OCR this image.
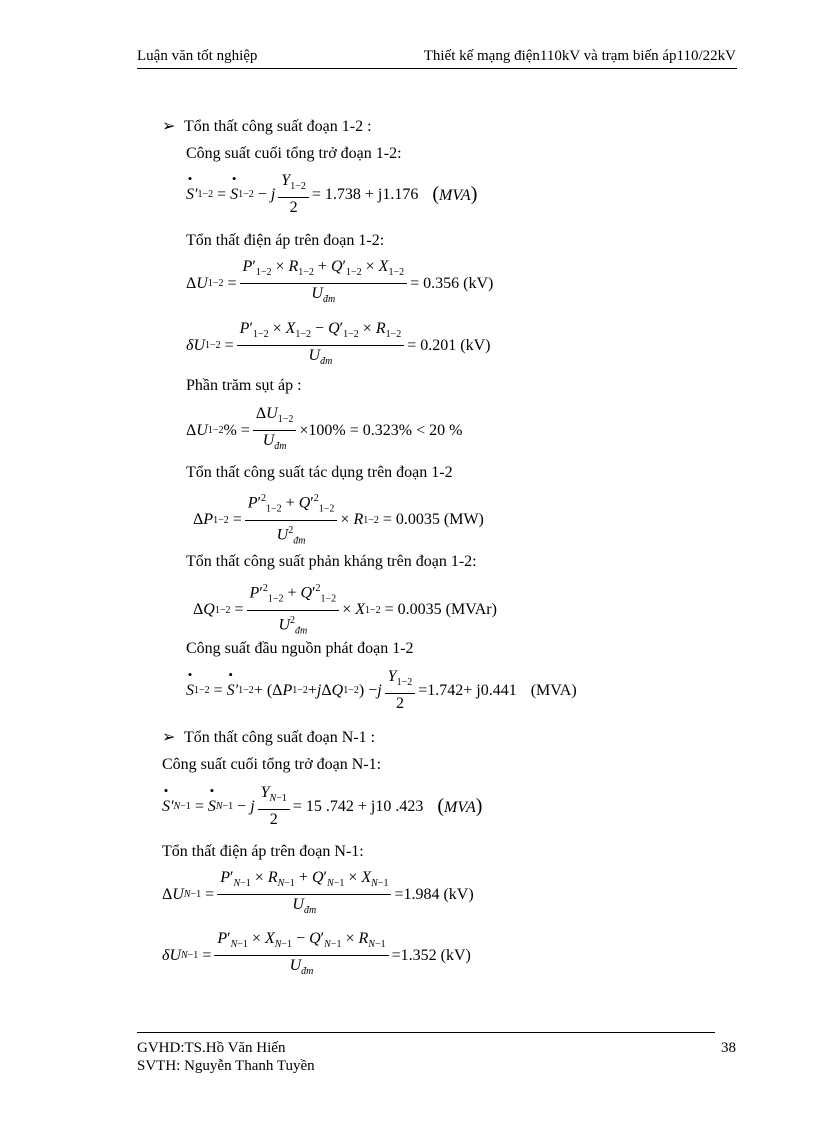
Luận văn tốt nghiệp	Thiết kế mạng điện110kV và trạm biến áp110/22kV
➢ Tổn thất công suất đoạn 1-2 :
Công suất cuối tổng trở đoạn 1-2:
• S ′ 1−2 = • S 1−2 − j $\frac{Y_{1-2}}{2} = 1.738 + j1.176$ (MVA)
Tổn thất điện áp trên đoạn 1-2:
Δ U $1-2 = \frac{P'_{1-2} \times R_{1-2} + Q'_{1-2} \times X_{1-2}}{U_{đm}} = 0.356$ (kV)
δU $1-2 = \frac{P'_{1-2} \times X_{1-2} - Q'_{1-2} \times R_{1-2}}{U_{đm}} = 0.201$ (kV)
Phần trăm sụt áp :
Δ U 1−2 % = $\frac{\Delta U_{1-2}}{U_{đm}} \times 100\% = 0.323\% < 20$ %
Tổn thất công suất tác dụng trên đoạn 1-2
Δ P $1-2 = \frac{P'^2_{1-2} + Q'^2_{1-2}}{U^2_{đm}} \times R$ 1−2
= 0.0035 (MW)
Tổn thất công suất phản kháng trên đoạn 1-2:
Δ Q $1-2 = \frac{P'^2_{1-2} + Q'^2_{1-2}}{U^2_{đm}} \times X$ 1−2
= 0.0035 (MVAr)
Công suất đầu nguồn phát đoạn 1-2
• S 1−2 = • S ′ 1−2 + (Δ P 1−2 + j Δ Q 1−2 ) − j $\frac{Y_{1-2}}{2} =1.742+ j0.441$ (MVA)
➢ Tổn thất công suất đoạn N-1 :
Công suất cuối tổng trở đoạn N-1:
• S ′ N−1 = • S N−1 − j $\frac{Y_{N-1}}{2} = 15$ .742 + j10 .423 (MVA)
Tổn thất điện áp trên đoạn N-1:
Δ U $N-1 = \frac{P'_{N-1} \times R_{N-1} + Q'_{N-1} \times X_{N-1}}{U_{đm}} =1.984$ (kV)
δU $N-1 = \frac{P'_{N-1} \times X_{N-1} - Q'_{N-1} \times R_{N-1}}{U_{đm}} =1.352$ (kV)
GVHD:TS.Hồ Văn Hiến
SVTH: Nguyễn Thanh Tuyền
38
